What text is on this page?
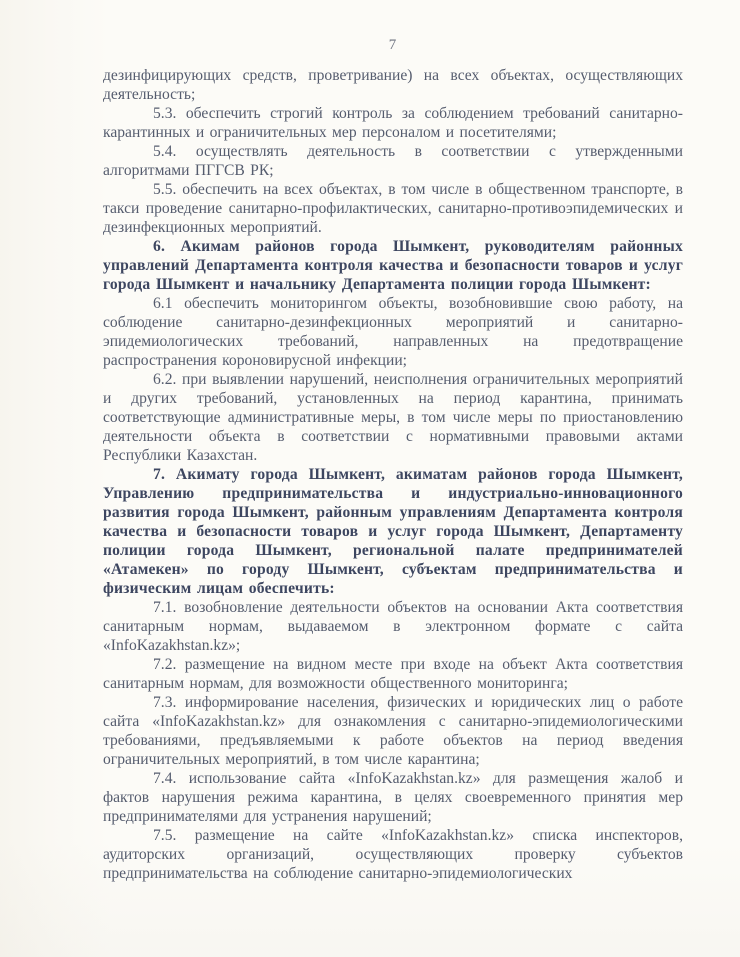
7

дезинфицирующих средств, проветривание) на всех объектах, осуществляющих деятельность;

5.3. обеспечить строгий контроль за соблюдением требований санитарно-карантинных и ограничительных мер персоналом и посетителями;

5.4. осуществлять деятельность в соответствии с утвержденными алгоритмами ПГГСВ РК;

5.5. обеспечить на всех объектах, в том числе в общественном транспорте, в такси проведение санитарно-профилактических, санитарно-противоэпидемических и дезинфекционных мероприятий.

6. Акимам районов города Шымкент, руководителям районных управлений Департамента контроля качества и безопасности товаров и услуг города Шымкент и начальнику Департамента полиции города Шымкент:

6.1 обеспечить мониторингом объекты, возобновившие свою работу, на соблюдение санитарно-дезинфекционных мероприятий и санитарно-эпидемиологических требований, направленных на предотвращение распространения короновирусной инфекции;

6.2. при выявлении нарушений, неисполнения ограничительных мероприятий и других требований, установленных на период карантина, принимать соответствующие административные меры, в том числе меры по приостановлению деятельности объекта в соответствии с нормативными правовыми актами Республики Казахстан.

7. Акимату города Шымкент, акиматам районов города Шымкент, Управлению предпринимательства и индустриально-инновационного развития города Шымкент, районным управлениям Департамента контроля качества и безопасности товаров и услуг города Шымкент, Департаменту полиции города Шымкент, региональной палате предпринимателей «Атамекен» по городу Шымкент, субъектам предпринимательства и физическим лицам обеспечить:

7.1. возобновление деятельности объектов на основании Акта соответствия санитарным нормам, выдаваемом в электронном формате с сайта «InfoKazakhstan.kz»;

7.2. размещение на видном месте при входе на объект Акта соответствия санитарным нормам, для возможности общественного мониторинга;

7.3. информирование населения, физических и юридических лиц о работе сайта «InfoKazakhstan.kz» для ознакомления с санитарно-эпидемиологическими требованиями, предъявляемыми к работе объектов на период введения ограничительных мероприятий, в том числе карантина;

7.4. использование сайта «InfoKazakhstan.kz» для размещения жалоб и фактов нарушения режима карантина, в целях своевременного принятия мер предпринимателями для устранения нарушений;

7.5. размещение на сайте «InfoKazakhstan.kz» списка инспекторов, аудиторских организаций, осуществляющих проверку субъектов предпринимательства на соблюдение санитарно-эпидемиологических
